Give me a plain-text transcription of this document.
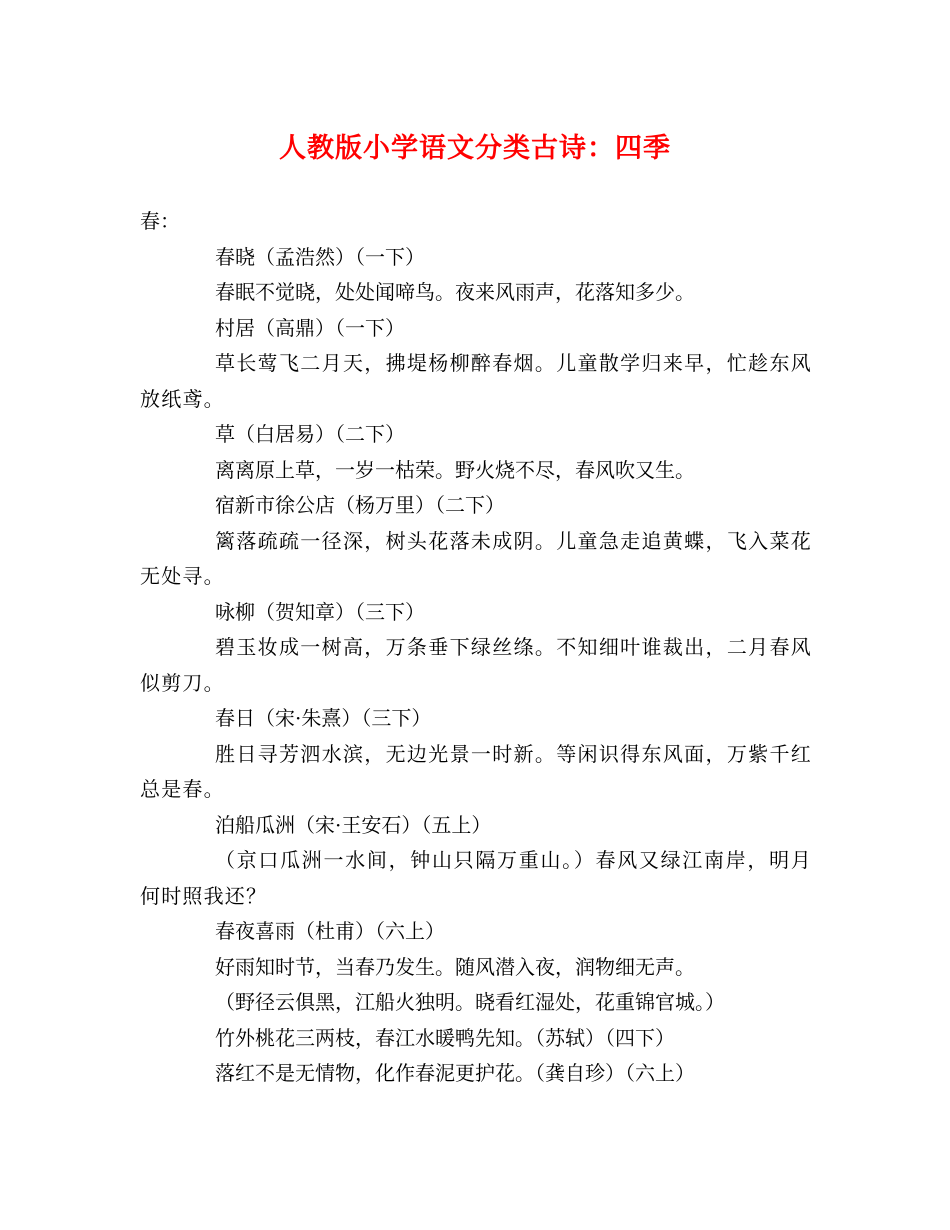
人教版小学语文分类古诗：四季
春：
春晓（孟浩然）（一下）
春眠不觉晓，处处闻啼鸟。夜来风雨声，花落知多少。
村居（高鼎）（一下）
草长莺飞二月天，拂堤杨柳醉春烟。儿童散学归来早，忙趁东风放纸鸢。
草（白居易）（二下）
离离原上草，一岁一枯荣。野火烧不尽，春风吹又生。
宿新市徐公店（杨万里）（二下）
篱落疏疏一径深，树头花落未成阴。儿童急走追黄蝶，飞入菜花无处寻。
咏柳（贺知章）（三下）
碧玉妆成一树高，万条垂下绿丝绦。不知细叶谁裁出，二月春风似剪刀。
春日（宋·朱熹）（三下）
胜日寻芳泗水滨，无边光景一时新。等闲识得东风面，万紫千红总是春。
泊船瓜洲（宋·王安石）（五上）
（京口瓜洲一水间，钟山只隔万重山。）春风又绿江南岸，明月何时照我还？
春夜喜雨（杜甫）（六上）
好雨知时节，当春乃发生。随风潜入夜，润物细无声。
（野径云俱黑，江船火独明。晓看红湿处，花重锦官城。）
竹外桃花三两枝，春江水暖鸭先知。（苏轼）（四下）
落红不是无情物，化作春泥更护花。（龚自珍）（六上）
